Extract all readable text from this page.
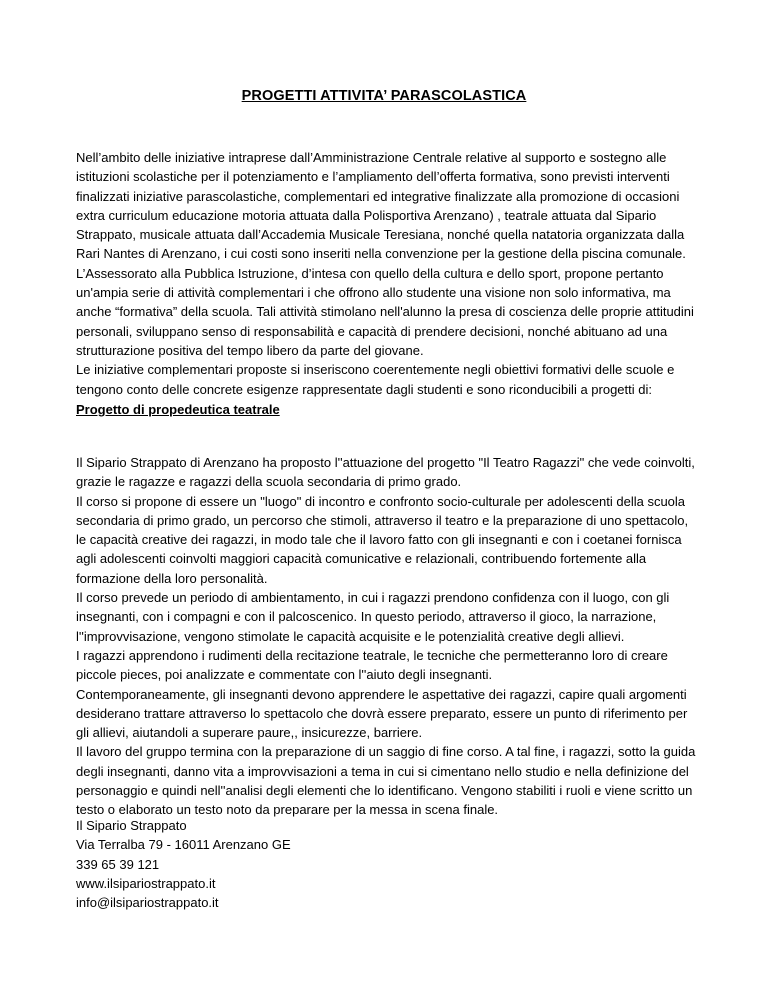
PROGETTI ATTIVITA’ PARASCOLASTICA

Nell’ambito delle iniziative intraprese dall’Amministrazione Centrale relative al supporto e sostegno alle istituzioni scolastiche per il potenziamento e l’ampliamento dell’offerta formativa, sono previsti interventi finalizzati iniziative parascolastiche, complementari ed integrative finalizzate alla promozione di occasioni extra curriculum educazione motoria attuata dalla Polisportiva Arenzano) , teatrale attuata dal Sipario Strappato, musicale attuata dall’Accademia Musicale Teresiana, nonché quella natatoria organizzata dalla Rari Nantes di Arenzano, i cui costi sono inseriti nella convenzione per la gestione della piscina comunale.

L’Assessorato alla Pubblica Istruzione, d’intesa con quello della cultura e dello sport, propone pertanto un'ampia serie di attività complementari i che offrono allo studente una visione non solo informativa, ma anche “formativa” della scuola. Tali attività stimolano nell'alunno la presa di coscienza delle proprie attitudini personali, sviluppano senso di responsabilità e capacità di prendere decisioni, nonché abituano ad una strutturazione positiva del tempo libero da parte del giovane.

Le iniziative complementari proposte si inseriscono coerentemente negli obiettivi formativi delle scuole e tengono conto delle concrete esigenze rappresentate dagli studenti e sono riconducibili a progetti di:

Progetto di propedeutica teatrale

Il Sipario Strappato di Arenzano ha proposto l''attuazione del progetto "Il Teatro Ragazzi" che vede coinvolti, grazie le ragazze e ragazzi della scuola secondaria di primo grado.

Il corso si propone di essere un "luogo" di incontro e confronto socio-culturale per adolescenti della scuola secondaria di primo grado, un percorso che stimoli, attraverso il teatro e la preparazione di uno spettacolo, le capacità creative dei ragazzi, in modo tale che il lavoro fatto con gli insegnanti e con i coetanei fornisca agli adolescenti coinvolti maggiori capacità comunicative e relazionali, contribuendo fortemente alla formazione della loro personalità.

Il corso prevede un periodo di ambientamento, in cui i ragazzi prendono confidenza con il luogo, con gli insegnanti, con i compagni e con il palcoscenico. In questo periodo, attraverso il gioco, la narrazione, l''improvvisazione, vengono stimolate le capacità acquisite e le potenzialità creative degli allievi.

I ragazzi apprendono i rudimenti della recitazione teatrale, le tecniche che permetteranno loro di creare piccole pieces, poi analizzate e commentate con l''aiuto degli insegnanti.

Contemporaneamente, gli insegnanti devono apprendere le aspettative dei ragazzi, capire quali argomenti desiderano trattare attraverso lo spettacolo che dovrà essere preparato, essere un punto di riferimento per gli allievi, aiutandoli a superare paure,, insicurezze, barriere.

Il lavoro del gruppo termina con la preparazione di un saggio di fine corso. A tal fine, i ragazzi, sotto la guida degli insegnanti, danno vita a improvvisazioni a tema in cui si cimentano nello studio e nella definizione del personaggio e quindi nell''analisi degli elementi che lo identificano. Vengono stabiliti i ruoli e viene scritto un testo o elaborato un testo noto da preparare per la messa in scena finale.

Il Sipario Strappato
Via Terralba 79 - 16011 Arenzano GE
339 65 39 121
www.ilsipariostrappato.it
info@ilsipariostrappato.it
